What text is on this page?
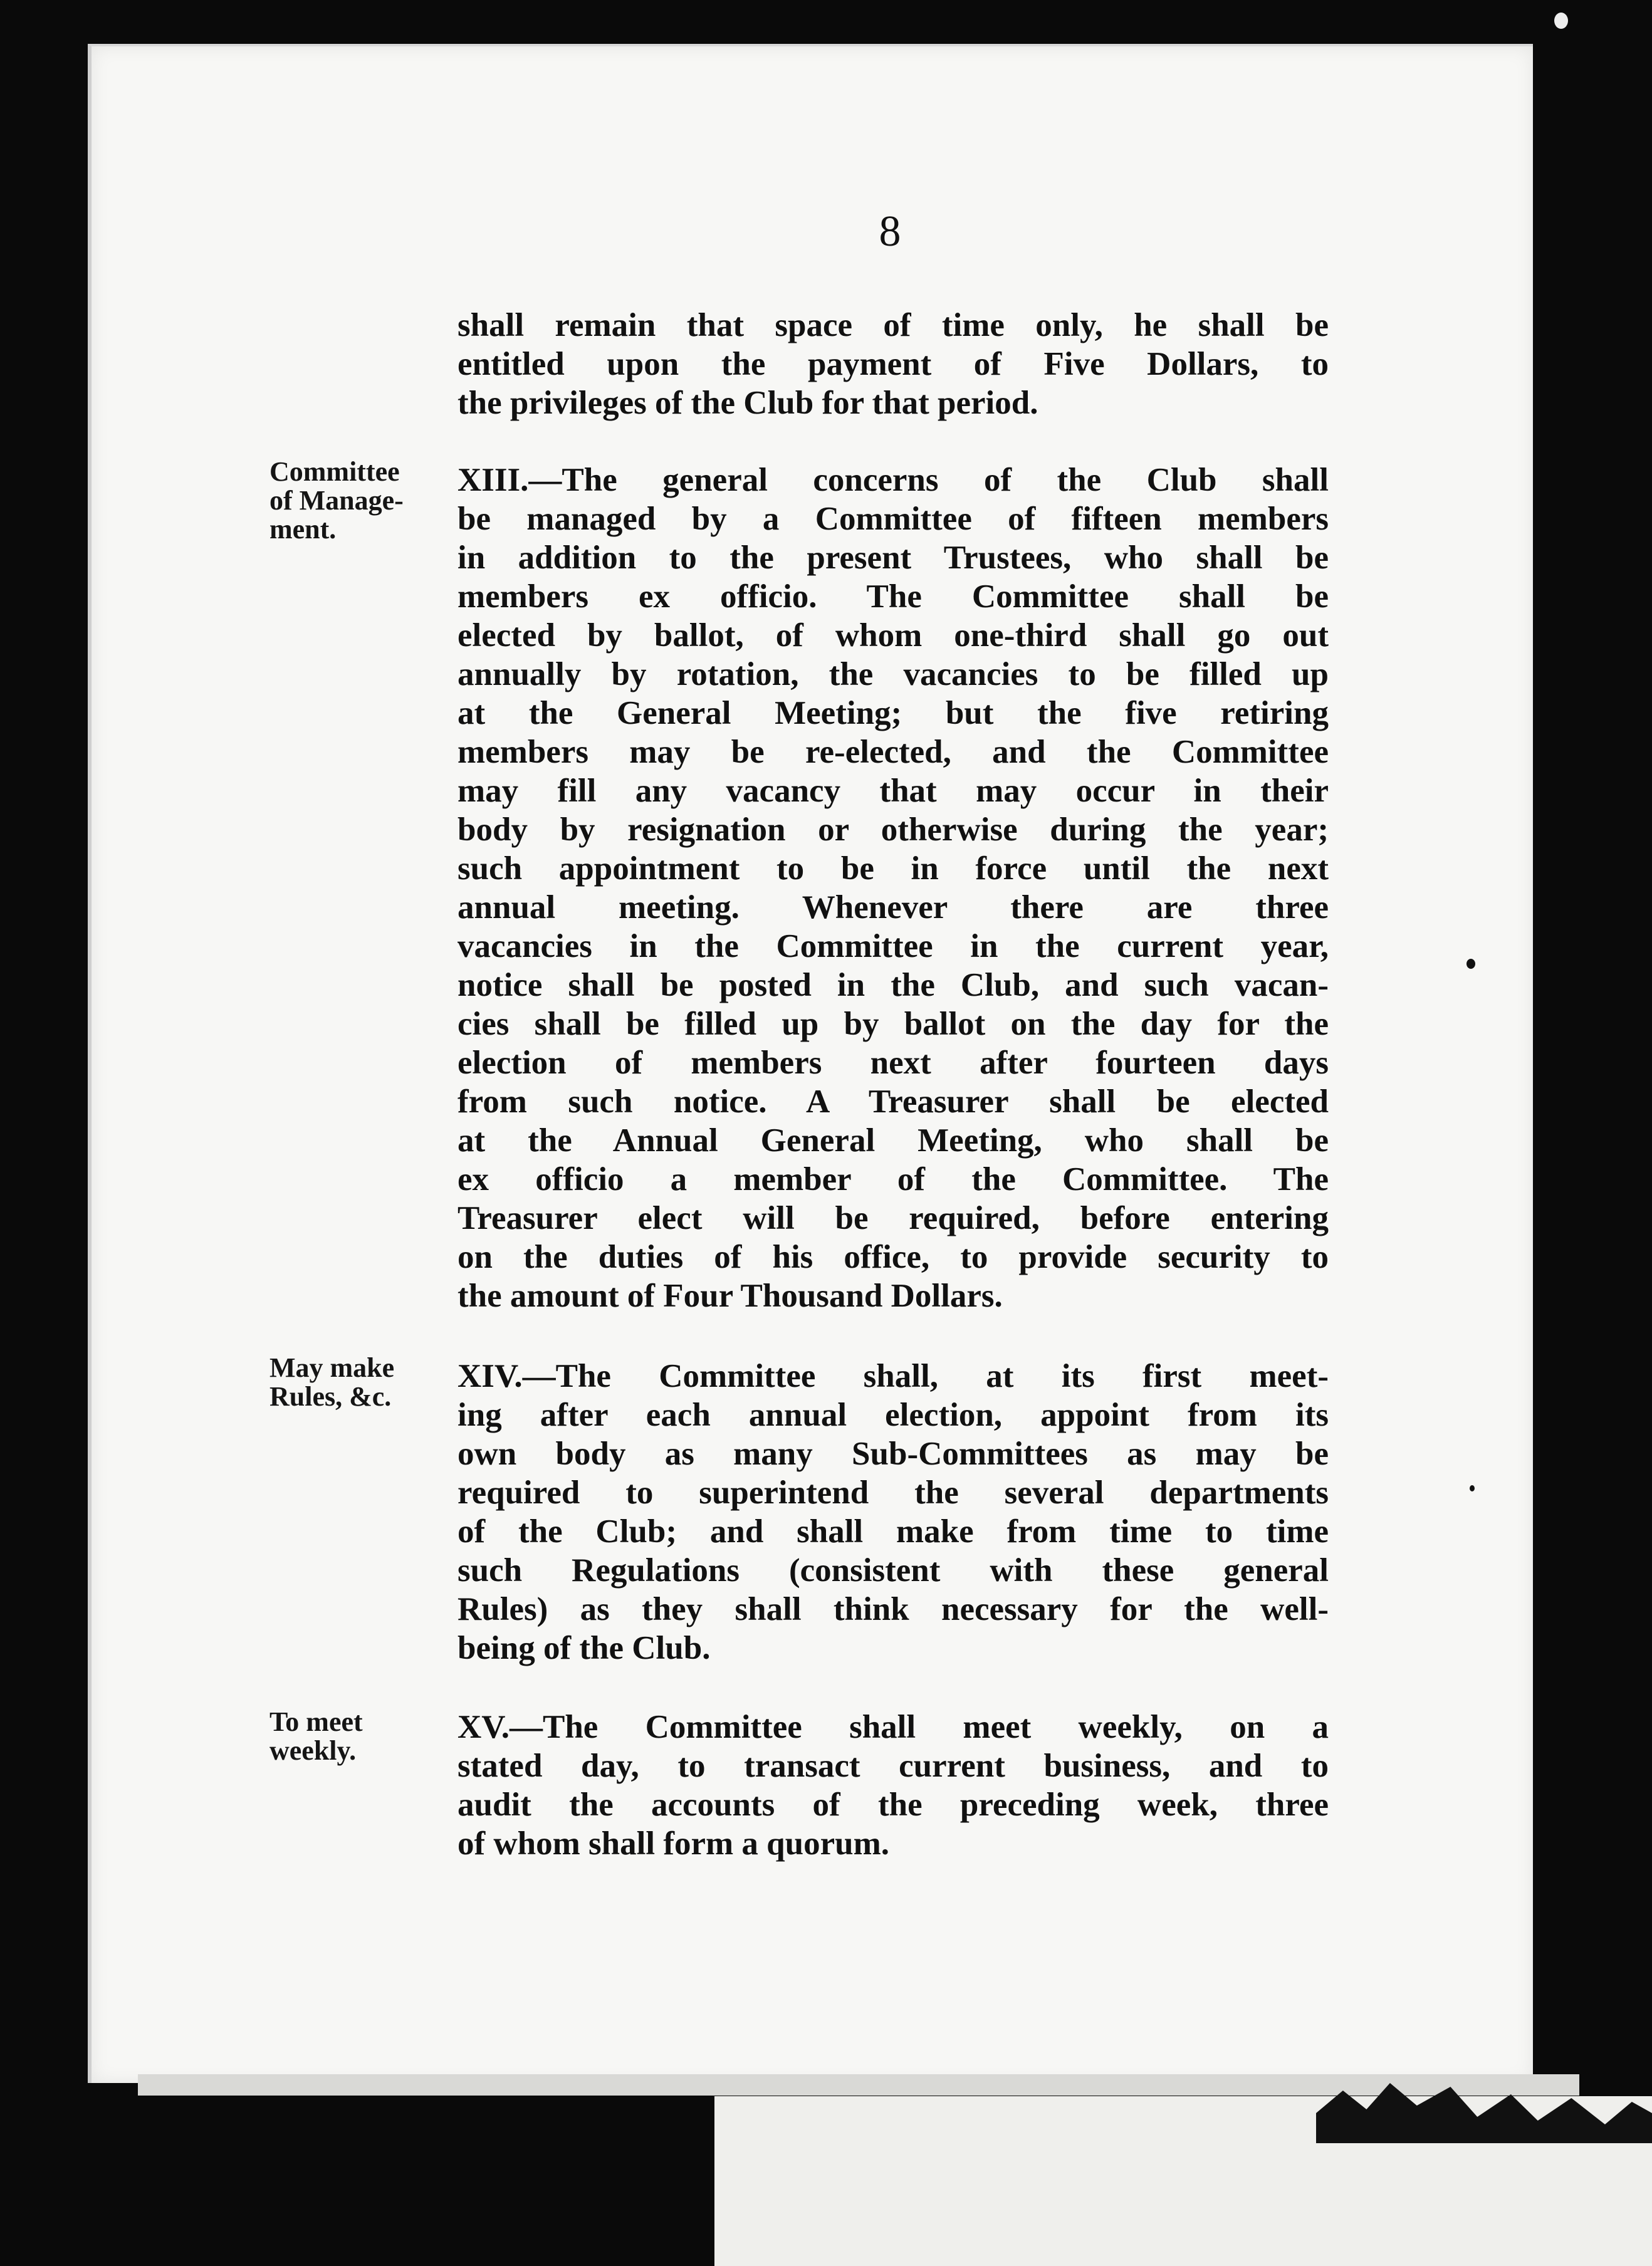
8
shall remain that space of time only, he shall be
entitled upon the payment of Five Dollars, to
the privileges of the Club for that period.
Committee
of Manage-
ment.
XIII.—The general concerns of the Club shall
be managed by a Committee of fifteen members
in addition to the present Trustees, who shall be
members ex officio. The Committee shall be
elected by ballot, of whom one-third shall go out
annually by rotation, the vacancies to be filled up
at the General Meeting; but the five retiring
members may be re-elected, and the Committee
may fill any vacancy that may occur in their
body by resignation or otherwise during the year;
such appointment to be in force until the next
annual meeting. Whenever there are three
vacancies in the Committee in the current year,
notice shall be posted in the Club, and such vacan-
cies shall be filled up by ballot on the day for the
election of members next after fourteen days
from such notice. A Treasurer shall be elected
at the Annual General Meeting, who shall be
ex officio a member of the Committee. The
Treasurer elect will be required, before entering
on the duties of his office, to provide security to
the amount of Four Thousand Dollars.
May make
Rules, &c.
XIV.—The Committee shall, at its first meet-
ing after each annual election, appoint from its
own body as many Sub-Committees as may be
required to superintend the several departments
of the Club; and shall make from time to time
such Regulations (consistent with these general
Rules) as they shall think necessary for the well-
being of the Club.
To meet
weekly.
XV.—The Committee shall meet weekly, on a
stated day, to transact current business, and to
audit the accounts of the preceding week, three
of whom shall form a quorum.
